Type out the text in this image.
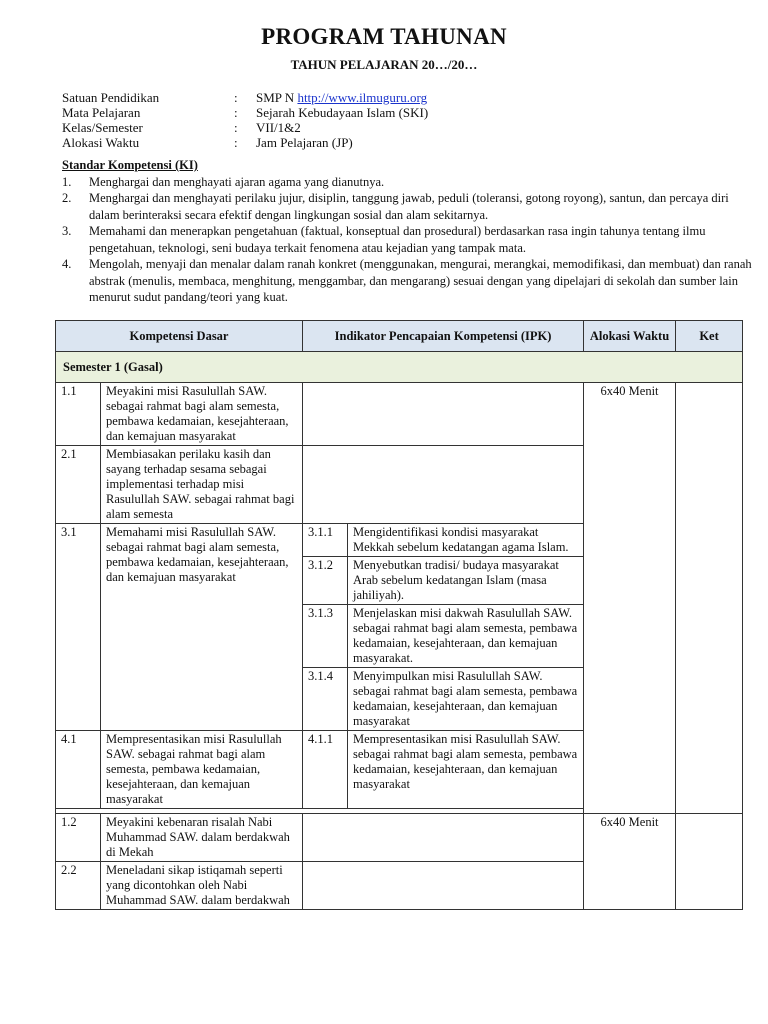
PROGRAM TAHUNAN
TAHUN PELAJARAN 20…/20…
Satuan Pendidikan	:	SMP N http://www.ilmuguru.org
Mata Pelajaran	:	Sejarah Kebudayaan Islam (SKI)
Kelas/Semester	:	VII/1&2
Alokasi Waktu	:	Jam Pelajaran (JP)
Standar Kompetensi (KI)
1.	Menghargai dan menghayati ajaran agama yang dianutnya.
2.	Menghargai dan menghayati perilaku jujur, disiplin, tanggung jawab, peduli (toleransi, gotong royong), santun, dan percaya diri dalam berinteraksi secara efektif dengan lingkungan sosial dan alam sekitarnya.
3.	Memahami dan menerapkan pengetahuan (faktual, konseptual dan prosedural) berdasarkan rasa ingin tahunya tentang ilmu pengetahuan, teknologi, seni budaya terkait fenomena atau kejadian yang tampak mata.
4.	Mengolah, menyaji dan menalar dalam ranah konkret (menggunakan, mengurai, merangkai, memodifikasi, dan membuat) dan ranah abstrak (menulis, membaca, menghitung, menggambar, dan mengarang) sesuai dengan yang dipelajari di sekolah dan sumber lain menurut sudut pandang/teori yang kuat.
Kompetensi Dasar		Indikator Pencapaian Kompetensi (IPK)		Alokasi Waktu	Ket
Semester 1 (Gasal)					
1.1	Meyakini misi Rasulullah SAW. sebagai rahmat bagi alam semesta, pembawa kedamaian, kesejahteraan, dan kemajuan masyarakat			6x40 Menit	
2.1	Membiasakan perilaku kasih dan sayang terhadap sesama sebagai implementasi terhadap misi Rasulullah SAW. sebagai rahmat bagi alam semesta				
3.1	Memahami misi Rasulullah SAW. sebagai rahmat bagi alam semesta, pembawa kedamaian, kesejahteraan, dan kemajuan masyarakat	3.1.1	Mengidentifikasi kondisi masyarakat Mekkah sebelum kedatangan agama Islam.		
		3.1.2	Menyebutkan tradisi/ budaya masyarakat Arab sebelum kedatangan Islam (masa jahiliyah).		
		3.1.3	Menjelaskan misi dakwah Rasulullah SAW. sebagai rahmat bagi alam semesta, pembawa kedamaian, kesejahteraan, dan kemajuan masyarakat.		
		3.1.4	Menyimpulkan misi Rasulullah SAW. sebagai rahmat bagi alam semesta, pembawa kedamaian, kesejahteraan, dan kemajuan masyarakat		
4.1	Mempresentasikan misi Rasulullah SAW. sebagai rahmat bagi alam semesta, pembawa kedamaian, kesejahteraan, dan kemajuan masyarakat	4.1.1	Mempresentasikan misi Rasulullah SAW. sebagai rahmat bagi alam semesta, pembawa kedamaian, kesejahteraan, dan kemajuan masyarakat		

1.2	Meyakini kebenaran risalah Nabi Muhammad SAW. dalam berdakwah di Mekah			6x40 Menit	
2.2	Meneladani sikap istiqamah seperti yang dicontohkan oleh Nabi Muhammad SAW. dalam berdakwah				
